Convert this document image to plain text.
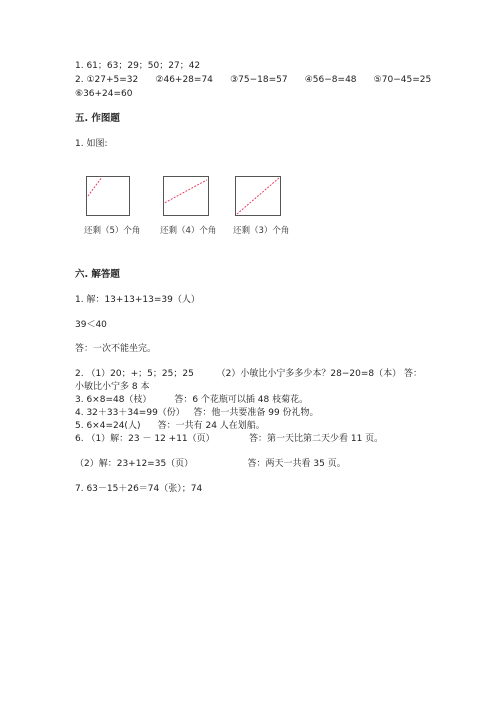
1. 61；63；29；50；27；42
2. ①27+5=32      ②46+28=74      ③75−18=57      ④56−8=48      ⑤70−45=25
⑥36+24=60
五. 作图题
1. 如图:
还剩（5）个角 还剩（4）个角 还剩（3）个角
六. 解答题
1. 解：13+13+13=39（人）
39＜40
答：一次不能坐完。
2. （1）20；+；5；25；25        （2）小敏比小宁多多少本？28−20=8（本） 答：
小敏比小宁多 8 本
3. 6×8=48（枝）        答：6 个花瓶可以插 48 枝菊花。
4. 32＋33＋34=99（份）   答：他一共要准备 99 份礼物。
5. 6×4=24(人)      答：一共有 24 人在划船。
6. （1）解：23 － 12 +11（页）            答：第一天比第二天少看 11 页。
（2）解：23+12=35（页）                   答：两天一共看 35 页。
7. 63－15＋26＝74（张）；74
